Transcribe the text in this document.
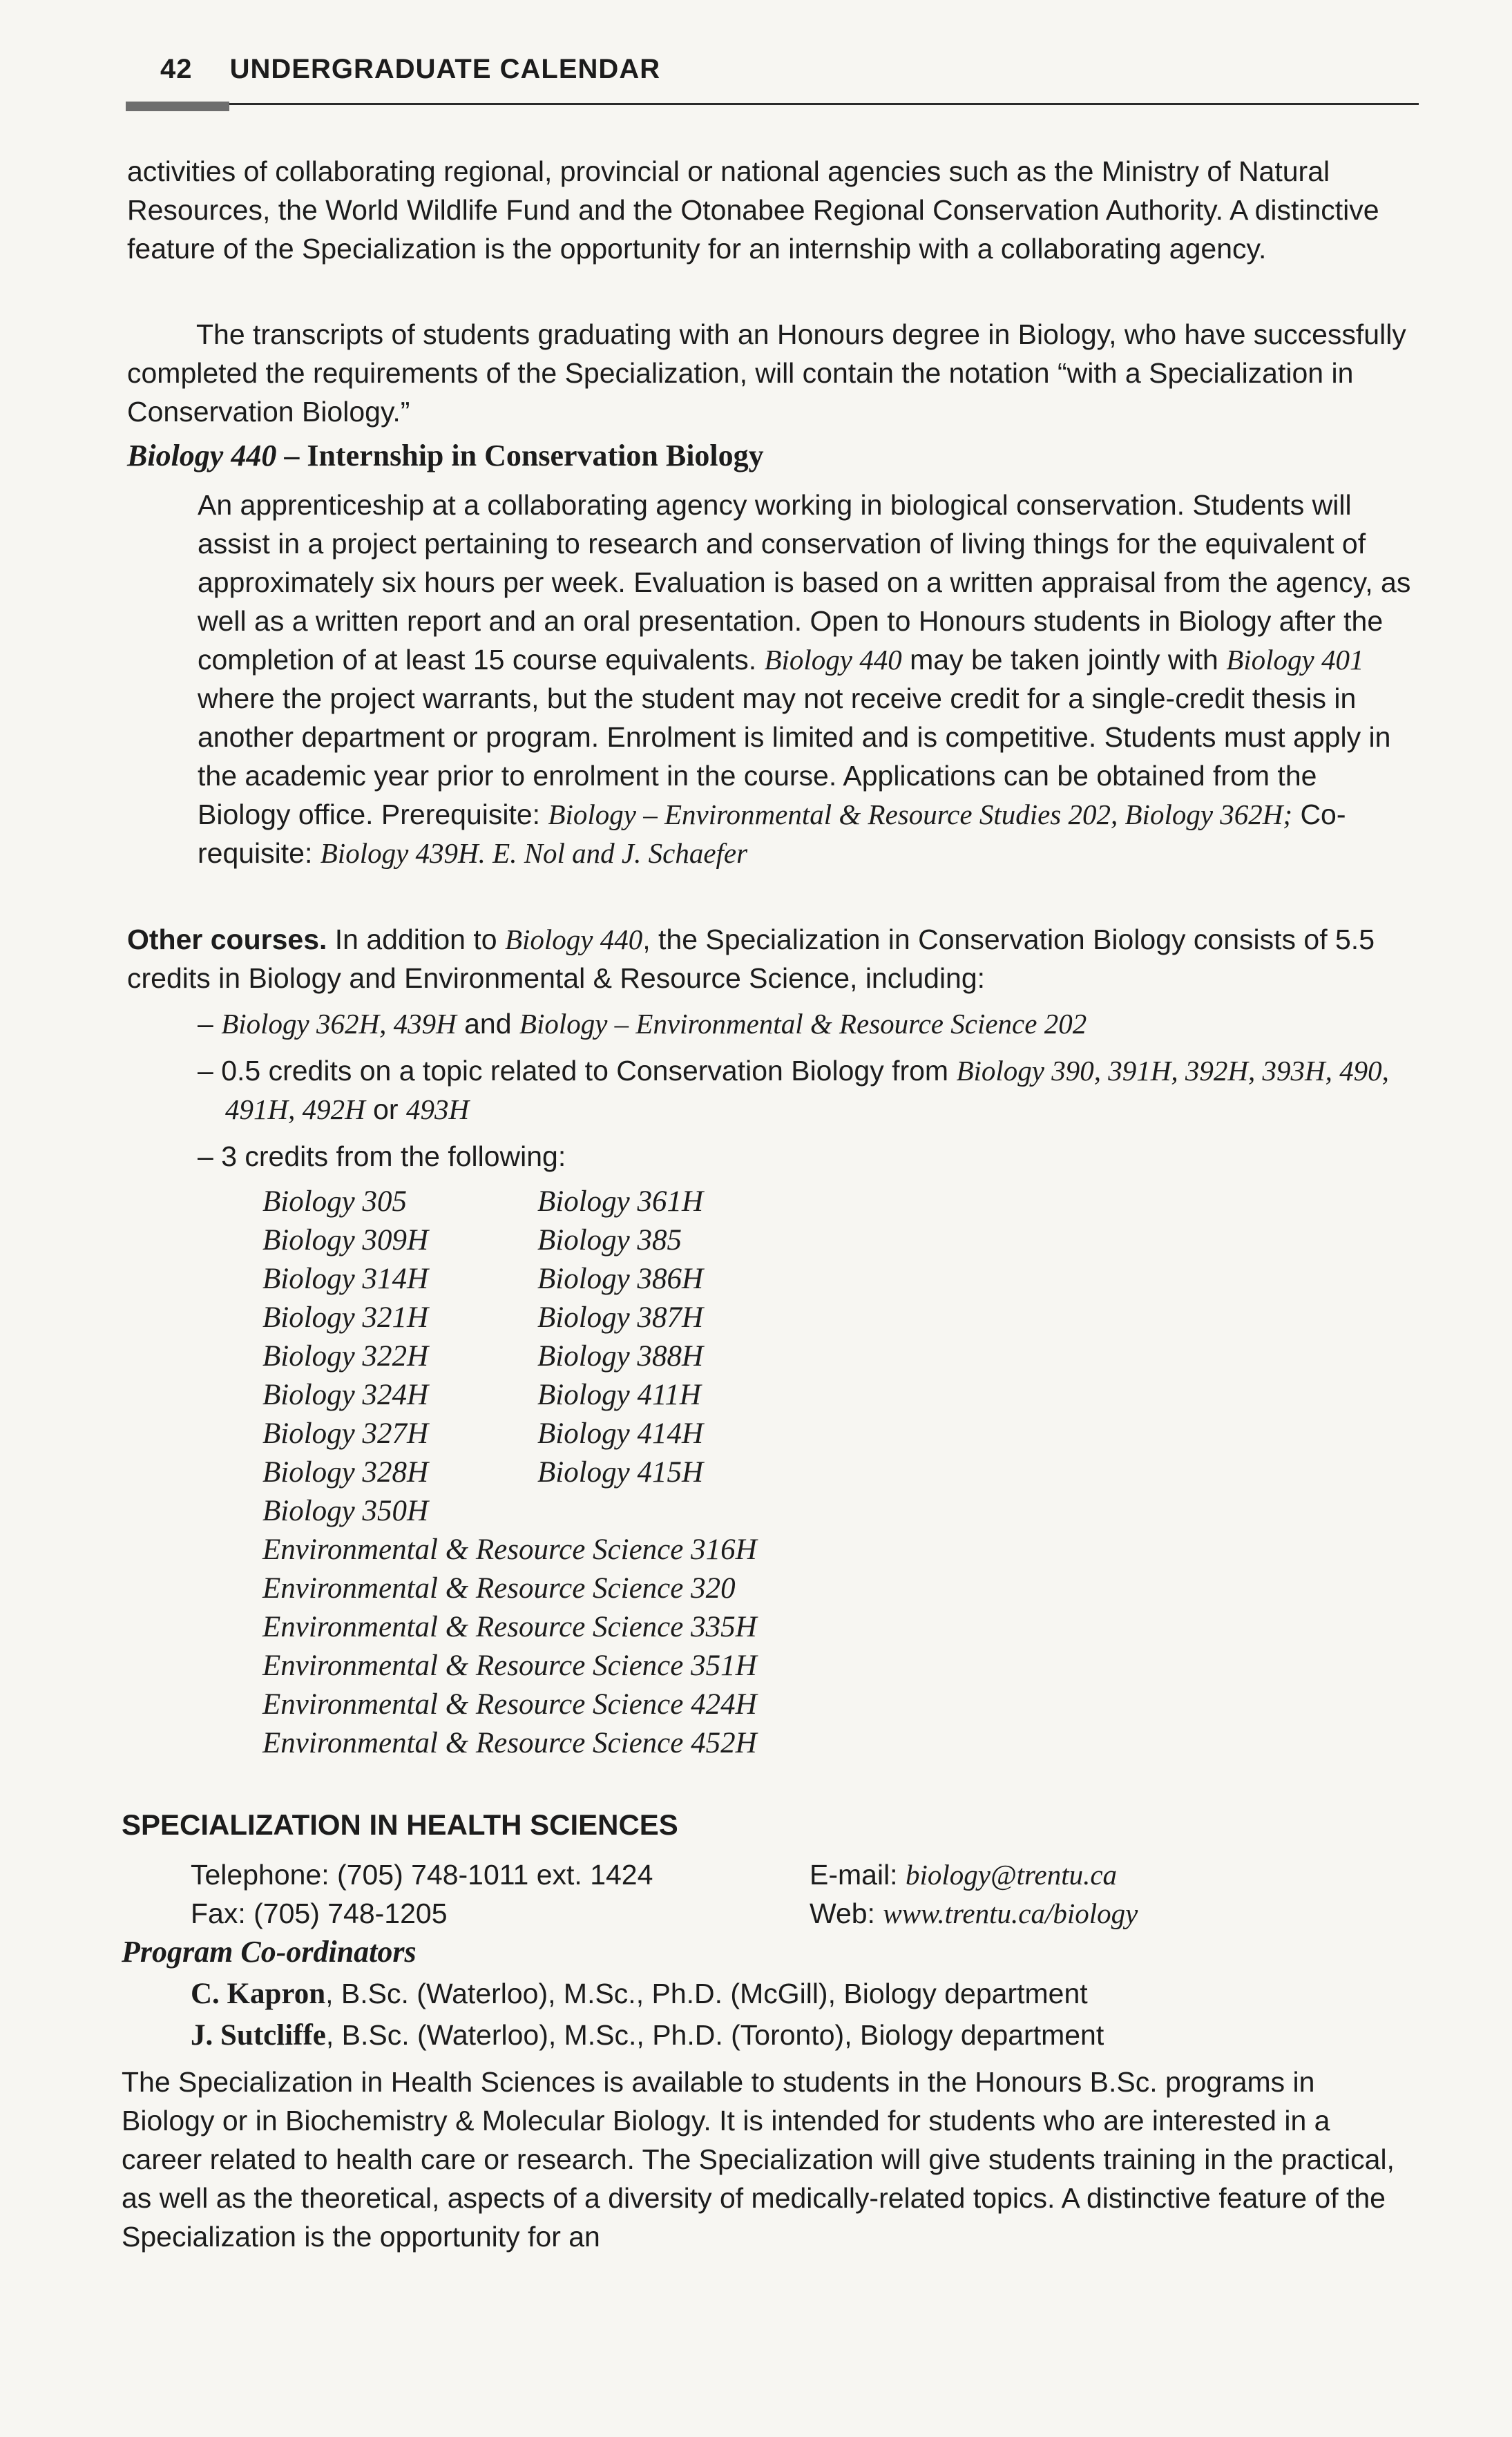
42 UNDERGRADUATE CALENDAR

activities of collaborating regional, provincial or national agencies such as the Ministry of Natural Resources, the World Wildlife Fund and the Otonabee Regional Conservation Authority. A distinctive feature of the Specialization is the opportunity for an internship with a collaborating agency.

The transcripts of students graduating with an Honours degree in Biology, who have successfully completed the requirements of the Specialization, will contain the notation “with a Specialization in Conservation Biology.”

Biology 440 – Internship in Conservation Biology

An apprenticeship at a collaborating agency working in biological conservation. Students will assist in a project pertaining to research and conservation of living things for the equivalent of approximately six hours per week. Evaluation is based on a written appraisal from the agency, as well as a written report and an oral presentation. Open to Honours students in Biology after the completion of at least 15 course equivalents. Biology 440 may be taken jointly with Biology 401 where the project warrants, but the student may not receive credit for a single-credit thesis in another department or program. Enrolment is limited and is competitive. Students must apply in the academic year prior to enrolment in the course. Applications can be obtained from the Biology office. Prerequisite: Biology – Environmental & Resource Studies 202, Biology 362H; Corequisite: Biology 439H. E. Nol and J. Schaefer

Other courses. In addition to Biology 440, the Specialization in Conservation Biology consists of 5.5 credits in Biology and Environmental & Resource Science, including:

– Biology 362H, 439H and Biology – Environmental & Resource Science 202

– 0.5 credits on a topic related to Conservation Biology from Biology 390, 391H, 392H, 393H, 490, 491H, 492H or 493H

– 3 credits from the following:

Biology 305
Biology 309H
Biology 314H
Biology 321H
Biology 322H
Biology 324H
Biology 327H
Biology 328H
Biology 350H
Environmental & Resource Science 316H
Environmental & Resource Science 320
Environmental & Resource Science 335H
Environmental & Resource Science 351H
Environmental & Resource Science 424H
Environmental & Resource Science 452H
Biology 361H
Biology 385
Biology 386H
Biology 387H
Biology 388H
Biology 411H
Biology 414H
Biology 415H
SPECIALIZATION IN HEALTH SCIENCES

Telephone: (705) 748-1011 ext. 1424

Fax: (705) 748-1205

E-mail: biology@trentu.ca

Web: www.trentu.ca/biology

Program Co-ordinators

C. Kapron, B.Sc. (Waterloo), M.Sc., Ph.D. (McGill), Biology department

J. Sutcliffe, B.Sc. (Waterloo), M.Sc., Ph.D. (Toronto), Biology department

The Specialization in Health Sciences is available to students in the Honours B.Sc. programs in Biology or in Biochemistry & Molecular Biology. It is intended for students who are interested in a career related to health care or research. The Specialization will give students training in the practical, as well as the theoretical, aspects of a diversity of medically-related topics. A distinctive feature of the Specialization is the opportunity for an
